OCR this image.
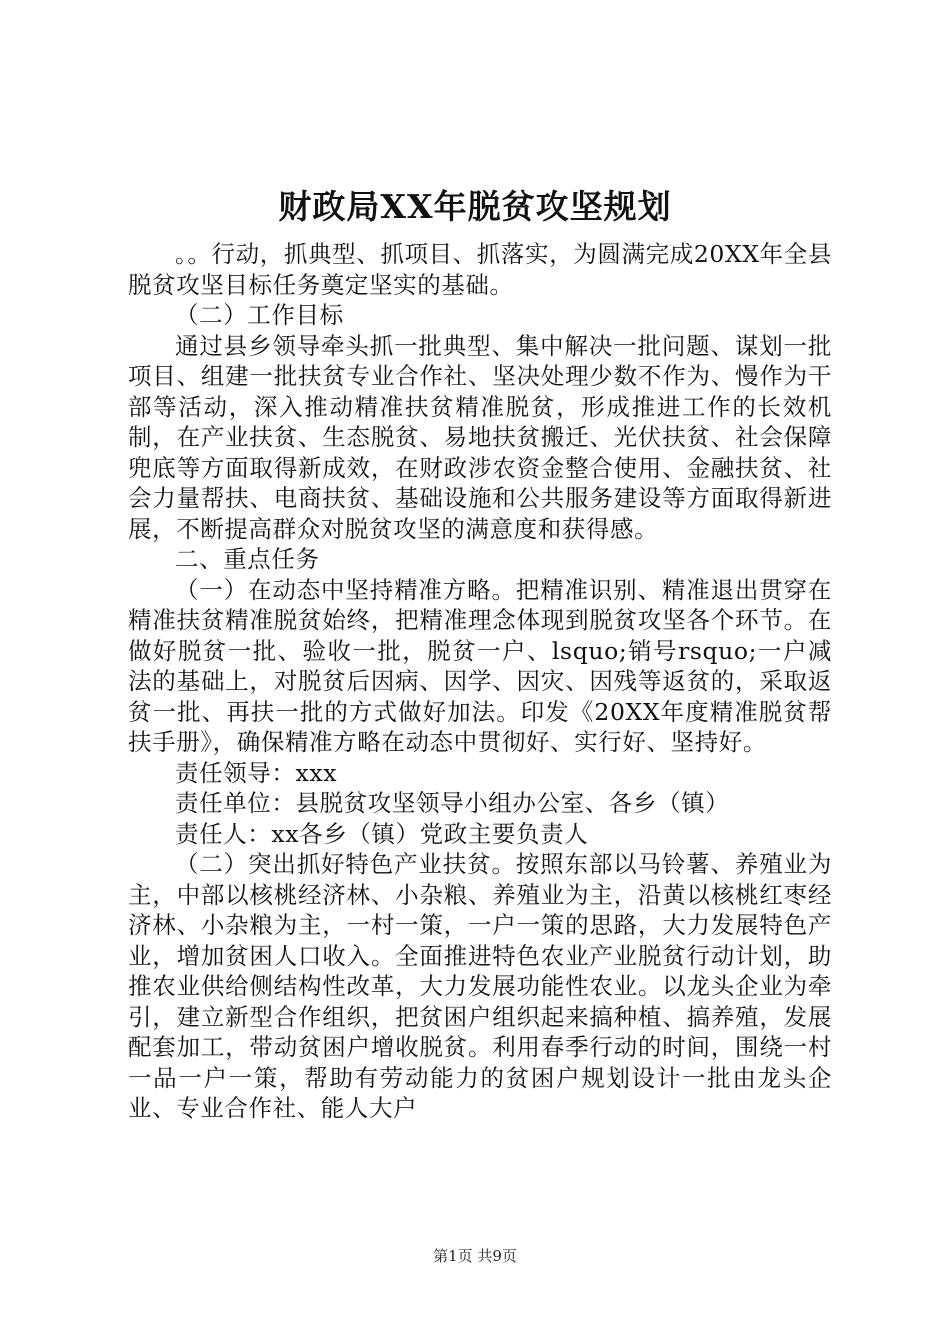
财政局XX年脱贫攻坚规划

。。行动，抓典型、抓项目、抓落实，为圆满完成20XX年全县脱贫攻坚目标任务奠定坚实的基础。

（二）工作目标

通过县乡领导牵头抓一批典型、集中解决一批问题、谋划一批项目、组建一批扶贫专业合作社、坚决处理少数不作为、慢作为干部等活动，深入推动精准扶贫精准脱贫，形成推进工作的长效机制，在产业扶贫、生态脱贫、易地扶贫搬迁、光伏扶贫、社会保障兜底等方面取得新成效，在财政涉农资金整合使用、金融扶贫、社会力量帮扶、电商扶贫、基础设施和公共服务建设等方面取得新进展，不断提高群众对脱贫攻坚的满意度和获得感。

二、重点任务

（一）在动态中坚持精准方略。把精准识别、精准退出贯穿在精准扶贫精准脱贫始终，把精准理念体现到脱贫攻坚各个环节。在做好脱贫一批、验收一批，脱贫一户、lsquo;销号rsquo;一户减法的基础上，对脱贫后因病、因学、因灾、因残等返贫的，采取返贫一批、再扶一批的方式做好加法。印发《20XX年度精准脱贫帮扶手册》，确保精准方略在动态中贯彻好、实行好、坚持好。

责任领导：xxx

责任单位：县脱贫攻坚领导小组办公室、各乡（镇）

责任人：xx各乡（镇）党政主要负责人

（二）突出抓好特色产业扶贫。按照东部以马铃薯、养殖业为主，中部以核桃经济林、小杂粮、养殖业为主，沿黄以核桃红枣经济林、小杂粮为主，一村一策，一户一策的思路，大力发展特色产业，增加贫困人口收入。全面推进特色农业产业脱贫行动计划，助推农业供给侧结构性改革，大力发展功能性农业。以龙头企业为牵引，建立新型合作组织，把贫困户组织起来搞种植、搞养殖，发展配套加工，带动贫困户增收脱贫。利用春季行动的时间，围绕一村一品一户一策，帮助有劳动能力的贫困户规划设计一批由龙头企业、专业合作社、能人大户

第1页 共9页
